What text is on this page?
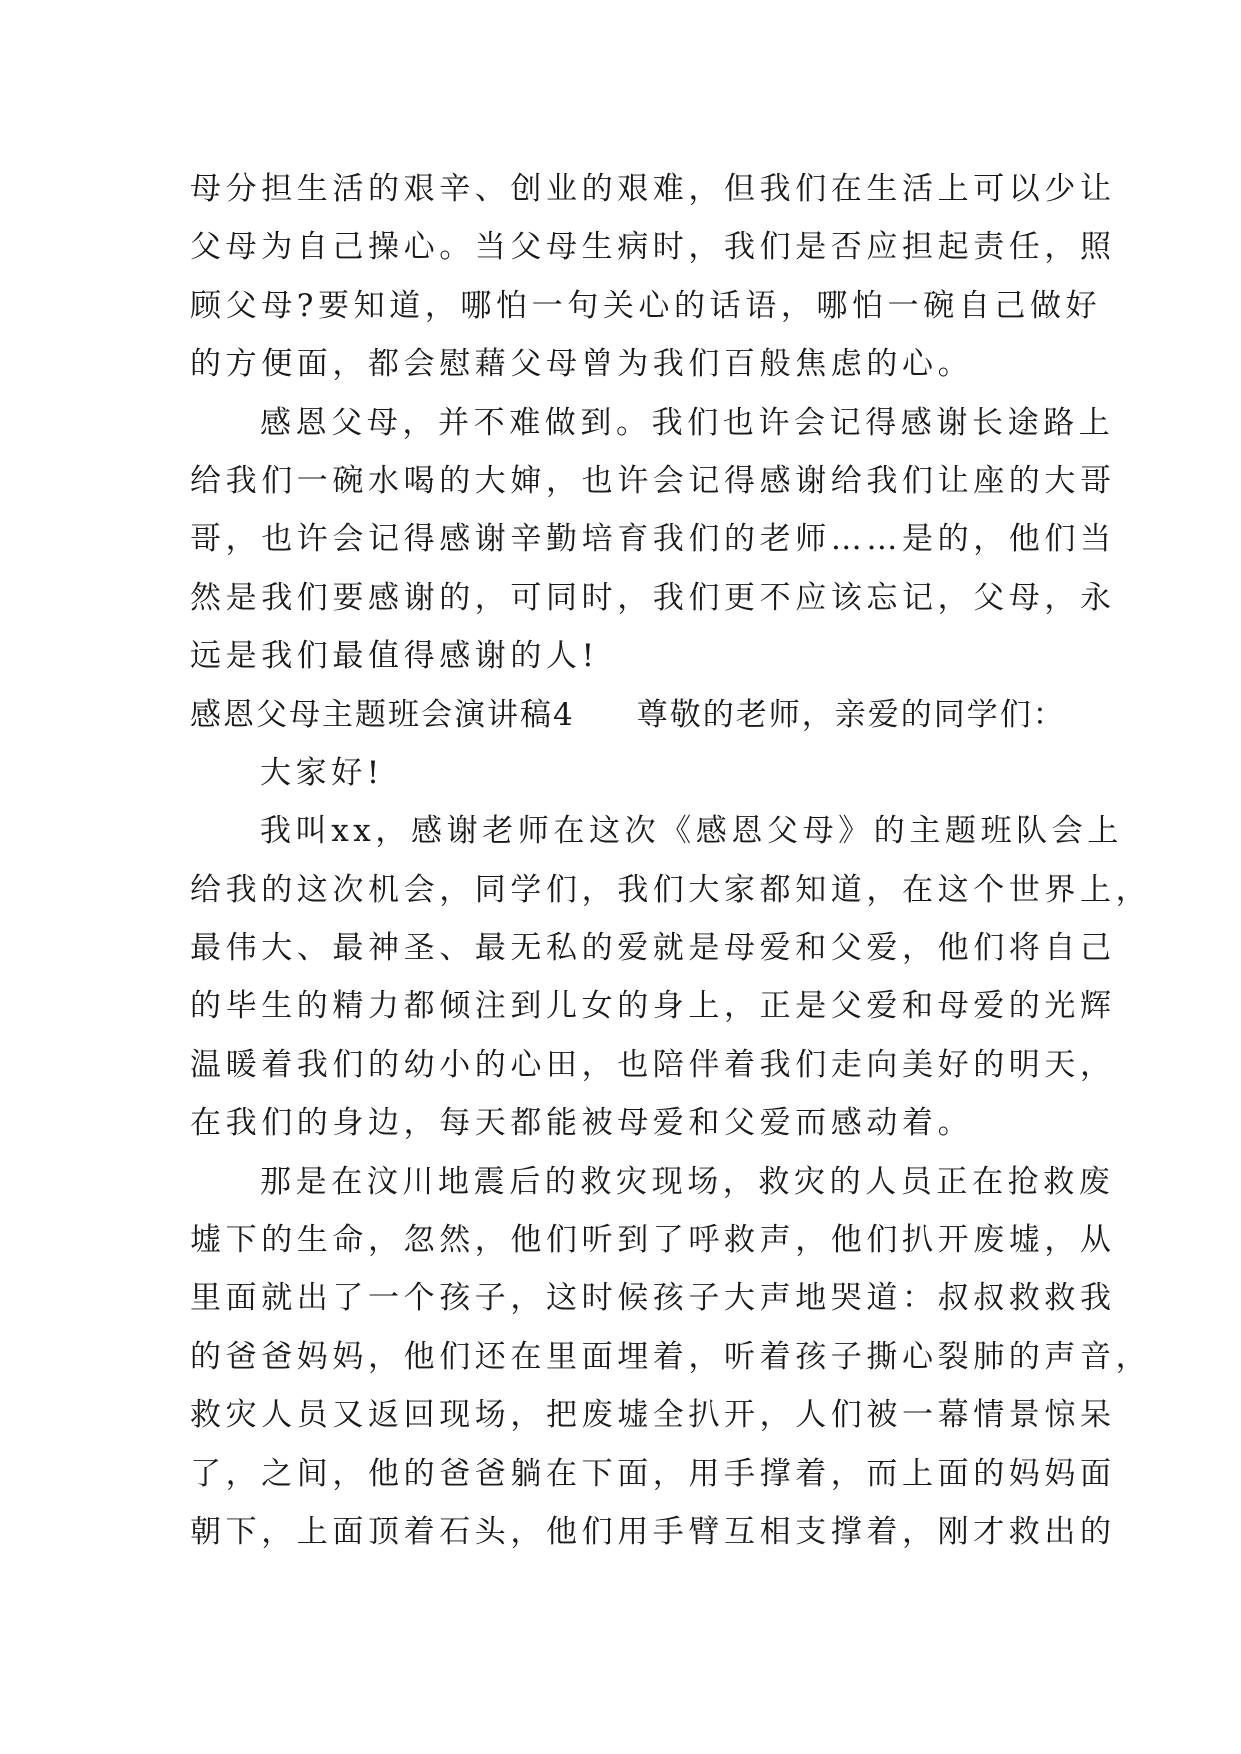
母分担生活的艰辛、创业的艰难，但我们在生活上可以少让
父母为自己操心。当父母生病时，我们是否应担起责任，照
顾父母?要知道，哪怕一句关心的话语，哪怕一碗自己做好
的方便面，都会慰藉父母曾为我们百般焦虑的心。
感恩父母，并不难做到。我们也许会记得感谢长途路上
给我们一碗水喝的大婶，也许会记得感谢给我们让座的大哥
哥，也许会记得感谢辛勤培育我们的老师……是的，他们当
然是我们要感谢的，可同时，我们更不应该忘记，父母，永
远是我们最值得感谢的人!
感恩父母主题班会演讲稿4 尊敬的老师，亲爱的同学们：
大家好!
我叫xx，感谢老师在这次《感恩父母》的主题班队会上
给我的这次机会，同学们，我们大家都知道，在这个世界上，
最伟大、最神圣、最无私的爱就是母爱和父爱，他们将自己
的毕生的精力都倾注到儿女的身上，正是父爱和母爱的光辉
温暖着我们的幼小的心田，也陪伴着我们走向美好的明天，
在我们的身边，每天都能被母爱和父爱而感动着。
那是在汶川地震后的救灾现场，救灾的人员正在抢救废
墟下的生命，忽然，他们听到了呼救声，他们扒开废墟，从
里面就出了一个孩子，这时候孩子大声地哭道：叔叔救救我
的爸爸妈妈，他们还在里面埋着，听着孩子撕心裂肺的声音，
救灾人员又返回现场，把废墟全扒开，人们被一幕情景惊呆
了，之间，他的爸爸躺在下面，用手撑着，而上面的妈妈面
朝下，上面顶着石头，他们用手臂互相支撑着，刚才救出的
